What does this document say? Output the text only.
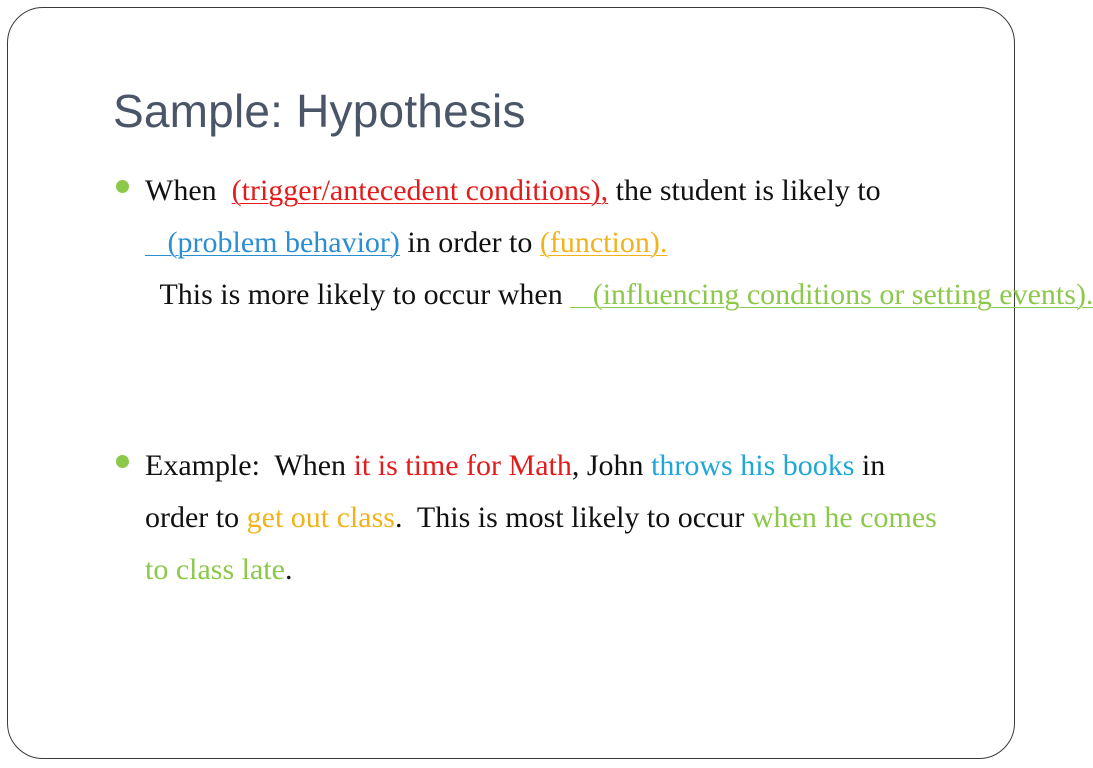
Sample: Hypothesis
When  (trigger/antecedent conditions), the student is likely to    (problem behavior) in order to (function).  This is more likely to occur when    (influencing conditions or setting events).
Example:  When it is time for Math, John throws his books in order to get out class.  This is most likely to occur when he comes to class late.
